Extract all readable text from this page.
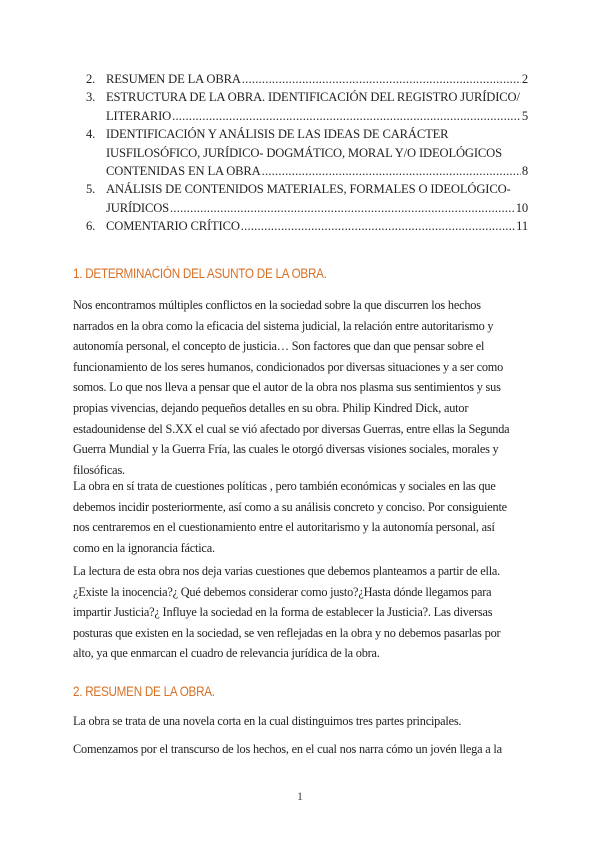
2. RESUMEN DE LA OBRA .....	2
3. ESTRUCTURA DE LA OBRA. IDENTIFICACIÓN DEL REGISTRO JURÍDICO/
LITERARIO .....	5
4. IDENTIFICACIÓN Y ANÁLISIS DE LAS IDEAS DE CARÁCTER
IUSFILOSÓFICO, JURÍDICO- DOGMÁTICO, MORAL Y/O IDEOLÓGICOS
CONTENIDAS EN LA OBRA .....	8
5. ANÁLISIS DE CONTENIDOS MATERIALES, FORMALES O IDEOLÓGICO-
JURÍDICOS .....	10
6. COMENTARIO CRÍTICO .....	11
1. DETERMINACIÓN DEL ASUNTO DE LA OBRA.

Nos encontramos múltiples conflictos en la sociedad sobre la que discurren los hechos narrados en la obra como la eficacia del sistema judicial, la relación entre autoritarismo y autonomía personal, el concepto de justicia… Son factores que dan que pensar sobre el funcionamiento de los seres humanos, condicionados por diversas situaciones y a ser como somos. Lo que nos lleva a pensar que el autor de la obra nos plasma sus sentimientos y sus propias vivencias, dejando pequeños detalles en su obra. Philip Kindred Dick, autor estadounidense del S.XX el cual se vió afectado por diversas Guerras, entre ellas la Segunda Guerra Mundial y la Guerra Fría, las cuales le otorgó diversas visiones sociales, morales y filosóficas.

La obra en sí trata de cuestiones políticas , pero también económicas y sociales en las que debemos incidir posteriormente, así como a su análisis concreto y conciso. Por consiguiente nos centraremos en el cuestionamiento entre el autoritarismo y la autonomía personal, así como en la ignorancia fáctica.

La lectura de esta obra nos deja varias cuestiones que debemos planteamos a partir de ella. ¿Existe la inocencia?¿ Qué debemos considerar como justo?¿Hasta dónde llegamos para impartir Justicia?¿ Influye la sociedad en la forma de establecer la Justicia?. Las diversas posturas que existen en la sociedad, se ven reflejadas en la obra y no debemos pasarlas por alto, ya que enmarcan el cuadro de relevancia jurídica de la obra.

2. RESUMEN DE LA OBRA.

La obra se trata de una novela corta en la cual distinguimos tres partes principales.

Comenzamos por el transcurso de los hechos, en el cual nos narra cómo un jovén llega a la

1
